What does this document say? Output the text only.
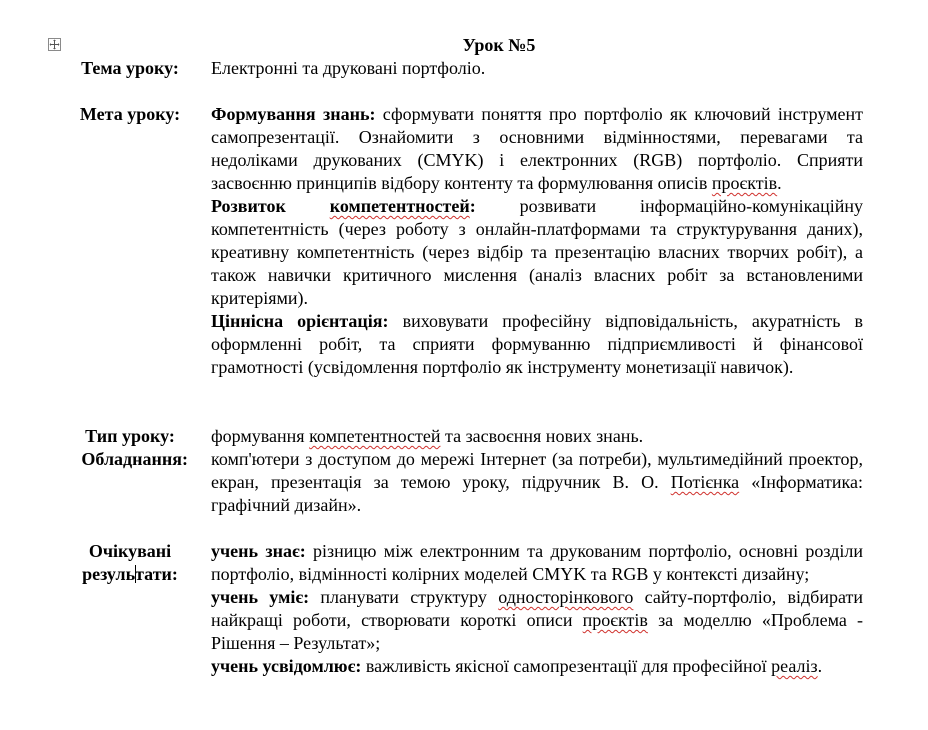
Урок №5
Тема уроку:	Електронні та друковані портфоліо.
Мета уроку:	Формування знань: сформувати поняття про портфоліо як ключовий інструмент самопрезентації. Ознайомити з основними відмінностями, перевагами та недоліками друкованих (CMYK) і електронних (RGB) портфоліо. Сприяти засвоєнню принципів відбору контенту та формулювання описів проєктів.

Розвиток компетентностей: розвивати інформаційно-комунікаційну компетентність (через роботу з онлайн-платформами та структурування даних), креативну компетентність (через відбір та презентацію власних творчих робіт), а також навички критичного мислення (аналіз власних робіт за встановленими критеріями).

Ціннісна орієнтація: виховувати професійну відповідальність, акуратність в оформленні робіт, та сприяти формуванню підприємливості й фінансової грамотності (усвідомлення портфоліо як інструменту монетизації навичок).

Тип уроку:	формування компетентностей та засвоєння нових знань.
Обладнання: комп'ютери з доступом до мережі Інтернет (за потреби), мультимедійний проектор, екран, презентація за темою уроку, підручник В. О. Потієнка «Інформатика: графічний дизайн».
Очікувані
результати:

учень знає: різницю між електронним та друкованим портфоліо, основні розділи портфоліо, відмінності колірних моделей CMYK та RGB у контексті дизайну;

учень уміє: планувати структуру односторінкового сайту-портфоліо, відбирати найкращі роботи, створювати короткі описи проєктів за моделлю «Проблема - Рішення – Результат»;

учень усвідомлює: важливість якісної самопрезентації для професійної реаліз.
